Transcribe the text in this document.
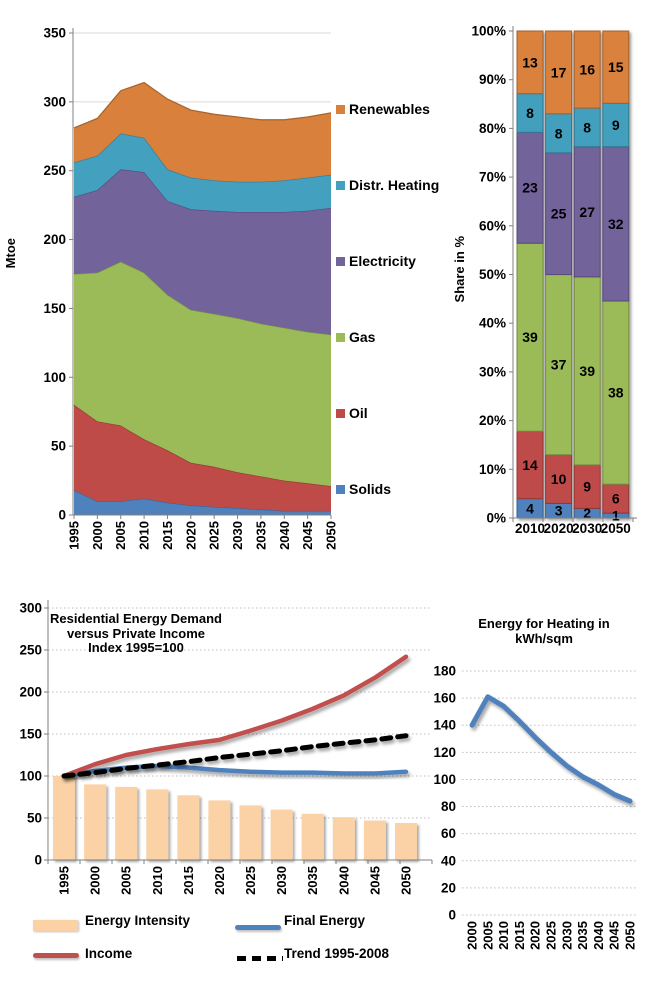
0
50
100
150
200
250
300
350
1995 2000 2005 2010 2015 2020 2025 2030 2035 2040 2045 2050
0%
10%
20%
30%
40%
50%
60%
70%
80%
90%
100%
4
14
39
23
8
13
2010
3
10
37
25
8
17
2020
2
9
39
27
8
16
2030
1
6
38
32
9
15
2050
0
50
100
150
200
250
300
1995 2000 2005 2010 2015 2020 2025 2030 2035 2040 2045 2050
0
20
40
60
80
100
120
140
160
180
2000 2005 2010 2015 2020 2025 2030 2035 2040 2045 2050
Mtoe	Share in %
Renewables
Distr. Heating
Electricity
Gas
Oil
Solids
Residential Energy Demand
versus Private Income
Index 1995=100
Energy for Heating in
kWh/sqm
Energy Intensity	Final Energy
Income	Trend 1995-2008
